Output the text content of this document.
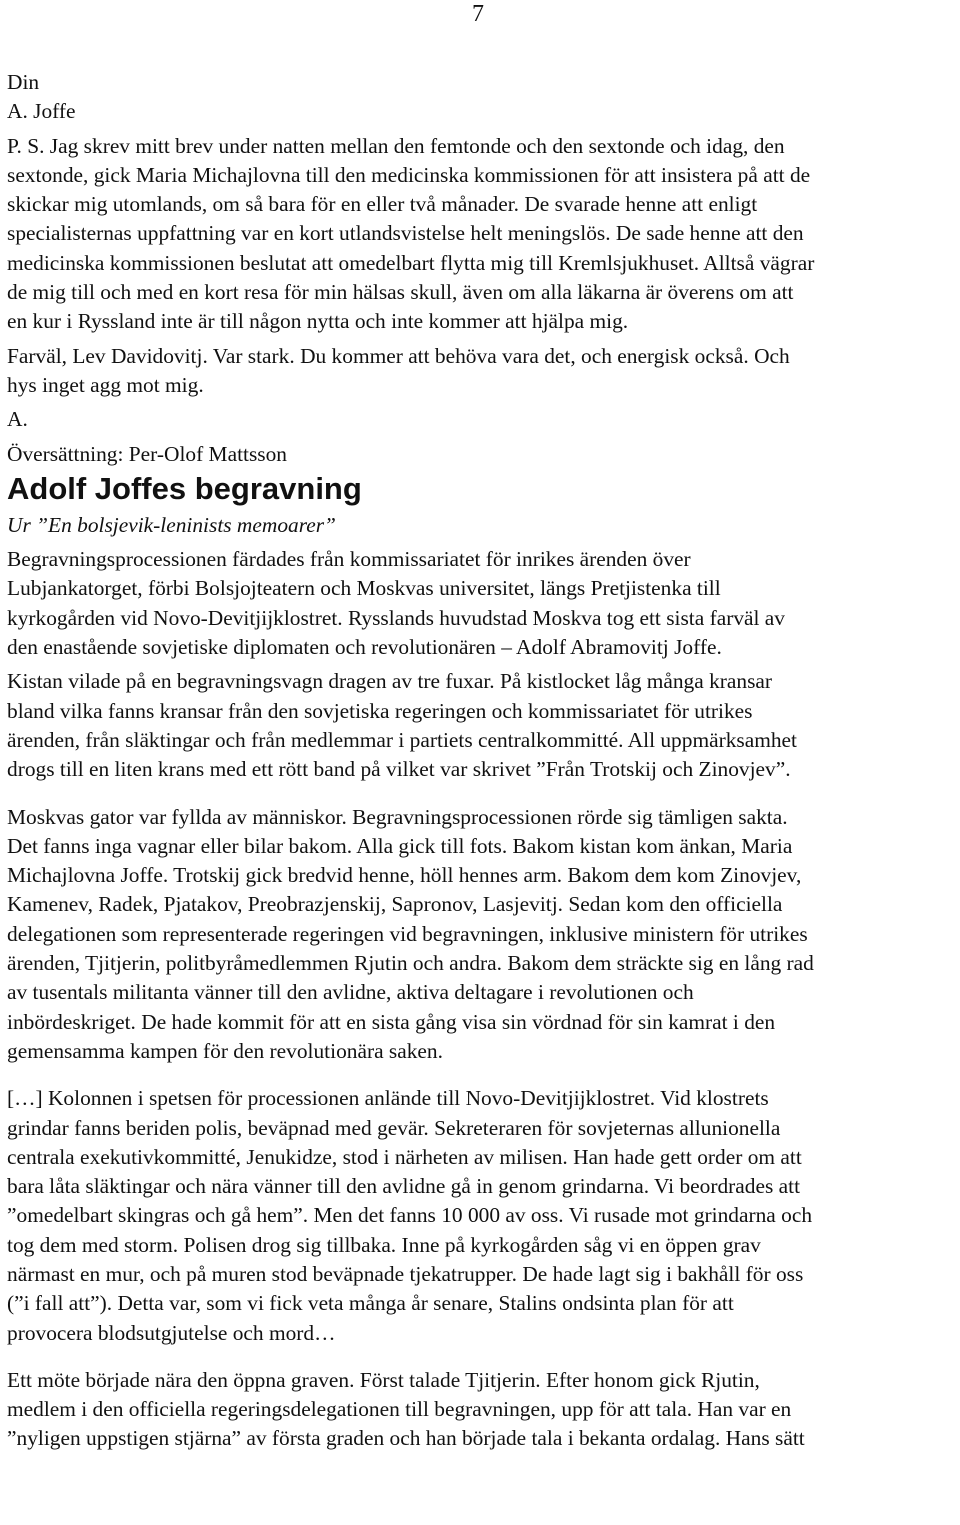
7
Din
A. Joffe

P. S. Jag skrev mitt brev under natten mellan den femtonde och den sextonde och idag, den
sextonde, gick Maria Michajlovna till den medicinska kommissionen för att insistera på att de
skickar mig utomlands, om så bara för en eller två månader. De svarade henne att enligt
specialisternas uppfattning var en kort utlandsvistelse helt meningslös. De sade henne att den
medicinska kommissionen beslutat att omedelbart flytta mig till Kremlsjukhuset. Alltså vägrar
de mig till och med en kort resa för min hälsas skull, även om alla läkarna är överens om att
en kur i Ryssland inte är till någon nytta och inte kommer att hjälpa mig.

Farväl, Lev Davidovitj. Var stark. Du kommer att behöva vara det, och energisk också. Och
hys inget agg mot mig.

A.

Översättning: Per-Olof Mattsson

Adolf Joffes begravning

Ur ”En bolsjevik-leninists memoarer”

Begravningsprocessionen färdades från kommissariatet för inrikes ärenden över
Lubjankatorget, förbi Bolsjojteatern och Moskvas universitet, längs Pretjistenka till
kyrkogården vid Novo-Devitjijklostret. Rysslands huvudstad Moskva tog ett sista farväl av
den enastående sovjetiske diplomaten och revolutionären – Adolf Abramovitj Joffe.

Kistan vilade på en begravningsvagn dragen av tre fuxar. På kistlocket låg många kransar
bland vilka fanns kransar från den sovjetiska regeringen och kommissariatet för utrikes
ärenden, från släktingar och från medlemmar i partiets centralkommitté. All uppmärksamhet
drogs till en liten krans med ett rött band på vilket var skrivet ”Från Trotskij och Zinovjev”.

Moskvas gator var fyllda av människor. Begravningsprocessionen rörde sig tämligen sakta.
Det fanns inga vagnar eller bilar bakom. Alla gick till fots. Bakom kistan kom änkan, Maria
Michajlovna Joffe. Trotskij gick bredvid henne, höll hennes arm. Bakom dem kom Zinovjev,
Kamenev, Radek, Pjatakov, Preobrazjenskij, Sapronov, Lasjevitj. Sedan kom den officiella
delegationen som representerade regeringen vid begravningen, inklusive ministern för utrikes
ärenden, Tjitjerin, politbyråmedlemmen Rjutin och andra. Bakom dem sträckte sig en lång rad
av tusentals militanta vänner till den avlidne, aktiva deltagare i revolutionen och
inbördeskriget. De hade kommit för att en sista gång visa sin vördnad för sin kamrat i den
gemensamma kampen för den revolutionära saken.

[…] Kolonnen i spetsen för processionen anlände till Novo-Devitjijklostret. Vid klostrets
grindar fanns beriden polis, beväpnad med gevär. Sekreteraren för sovjeternas allunionella
centrala exekutivkommitté, Jenukidze, stod i närheten av milisen. Han hade gett order om att
bara låta släktingar och nära vänner till den avlidne gå in genom grindarna. Vi beordrades att
”omedelbart skingras och gå hem”. Men det fanns 10 000 av oss. Vi rusade mot grindarna och
tog dem med storm. Polisen drog sig tillbaka. Inne på kyrkogården såg vi en öppen grav
närmast en mur, och på muren stod beväpnade tjekatrupper. De hade lagt sig i bakhåll för oss
(”i fall att”). Detta var, som vi fick veta många år senare, Stalins ondsinta plan för att
provocera blodsutgjutelse och mord…

Ett möte började nära den öppna graven. Först talade Tjitjerin. Efter honom gick Rjutin,
medlem i den officiella regeringsdelegationen till begravningen, upp för att tala. Han var en
”nyligen uppstigen stjärna” av första graden och han började tala i bekanta ordalag. Hans sätt
